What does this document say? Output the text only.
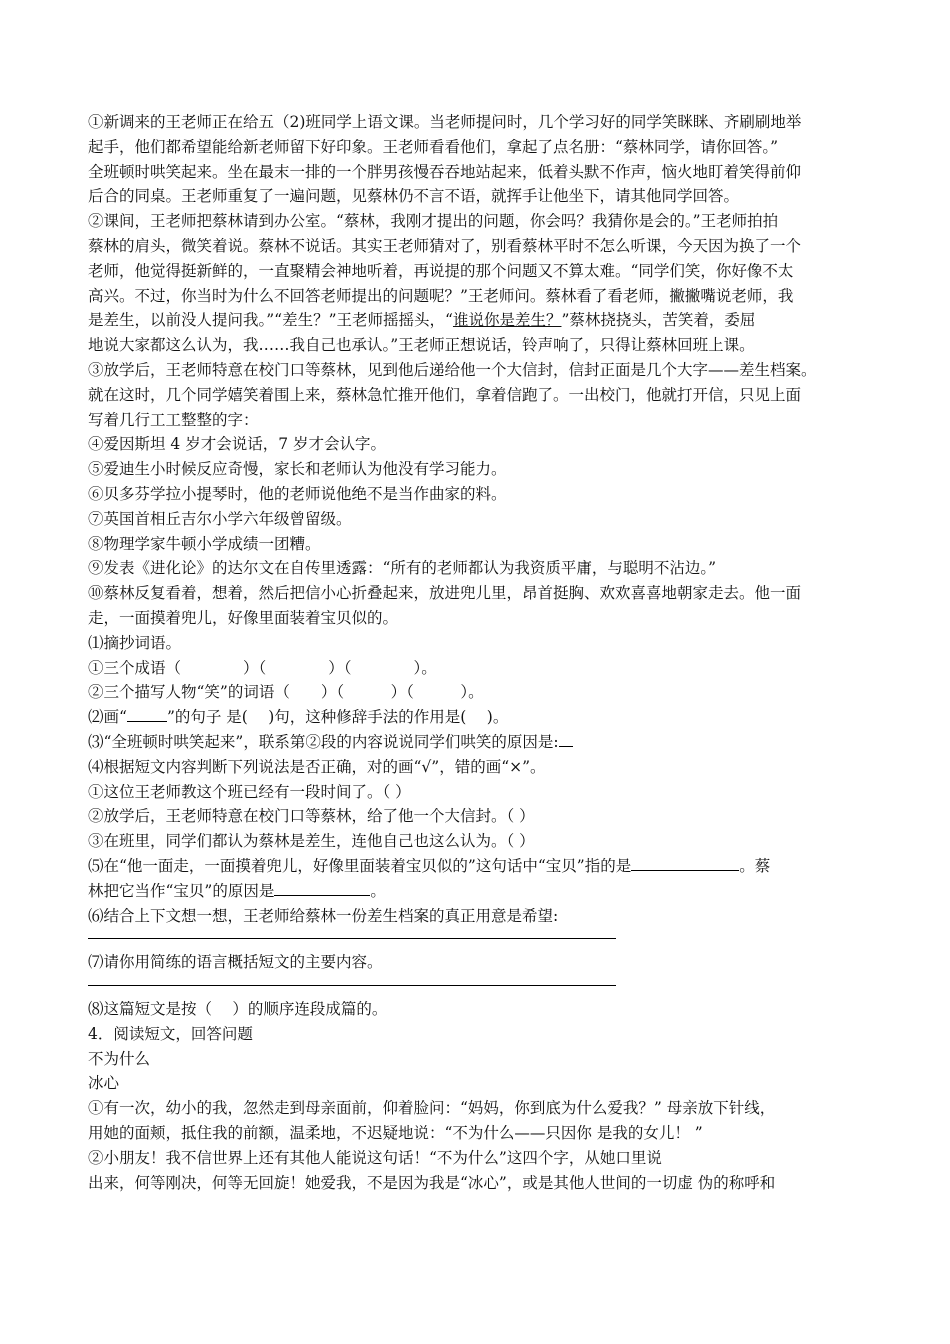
①新调来的王老师正在给五（2)班同学上语文课。当老师提问时，几个学习好的同学笑眯眯、齐刷刷地举
起手，他们都希望能给新老师留下好印象。王老师看看他们，拿起了点名册：“蔡林同学，请你回答。”
全班顿时哄笑起来。坐在最末一排的一个胖男孩慢吞吞地站起来，低着头默不作声，恼火地盯着笑得前仰
后合的同桌。王老师重复了一遍问题，见蔡林仍不言不语，就挥手让他坐下，请其他同学回答。
②课间，王老师把蔡林请到办公室。“蔡林，我刚才提出的问题，你会吗？我猜你是会的。”王老师拍拍
蔡林的肩头，微笑着说。蔡林不说话。其实王老师猜对了，别看蔡林平时不怎么听课，今天因为换了一个
老师，他觉得挺新鲜的，一直聚精会神地听着，再说提的那个问题又不算太难。“同学们笑，你好像不太
高兴。不过，你当时为什么不回答老师提出的问题呢？”王老师问。蔡林看了看老师，撇撇嘴说老师，我
是差生，以前没人提问我。”“差生？”王老师摇摇头，“谁说你是差生？”蔡林挠挠头，苦笑着，委屈
地说大家都这么认为，我……我自己也承认。”王老师正想说话，铃声响了，只得让蔡林回班上课。
③放学后，王老师特意在校门口等蔡林，见到他后递给他一个大信封，信封正面是几个大字——差生档案。
就在这时，几个同学嬉笑着围上来，蔡林急忙推开他们，拿着信跑了。一出校门，他就打开信，只见上面
写着几行工工整整的字：
④爱因斯坦 4 岁才会说话，7 岁才会认字。
⑤爱迪生小时候反应奇慢，家长和老师认为他没有学习能力。
⑥贝多芬学拉小提琴时，他的老师说他绝不是当作曲家的料。
⑦英国首相丘吉尔小学六年级曾留级。
⑧物理学家牛顿小学成绩一团糟。
⑨发表《进化论》的达尔文在自传里透露：“所有的老师都认为我资质平庸，与聪明不沾边。”
⑩蔡林反复看着，想着，然后把信小心折叠起来，放进兜儿里，昂首挺胸、欢欢喜喜地朝家走去。他一面
走，一面摸着兜儿，好像里面装着宝贝似的。
⑴摘抄词语。
①三个成语（　　　　）（　　　　）（　　　　）。
②三个描写人物“笑”的词语（　　）（　　　）（　　　）。
⑵画“	”的句子 是(　 )句，这种修辞手法的作用是(　 )。
⑶“全班顿时哄笑起来”，联系第②段的内容说说同学们哄笑的原因是:
⑷根据短文内容判断下列说法是否正确，对的画“√”，错的画“×”。
①这位王老师教这个班已经有一段时间了。（ ）
②放学后，王老师特意在校门口等蔡林，给了他一个大信封。（ ）
③在班里，同学们都认为蔡林是差生，连他自己也这么认为。（ ）
⑸在“他一面走，一面摸着兜儿，好像里面装着宝贝似的”这句话中“宝贝”指的是	。蔡
林把它当作“宝贝”的原因是	。
⑹结合上下文想一想，王老师给蔡林一份差生档案的真正用意是希望:
⑺请你用简练的语言概括短文的主要内容。
⑻这篇短文是按（　 ）的顺序连段成篇的。
4．阅读短文，回答问题
不为什么
冰心
①有一次，幼小的我，忽然走到母亲面前，仰着脸问：“妈妈，你到底为什么爱我？” 母亲放下针线，
用她的面颊，抵住我的前额，温柔地，不迟疑地说：“不为什么——只因你 是我的女儿！ ”
②小朋友！我不信世界上还有其他人能说这句话！“不为什么”这四个字，从她口里说
出来，何等刚决，何等无回旋！她爱我，不是因为我是“冰心”，或是其他人世间的一切虚 伪的称呼和
